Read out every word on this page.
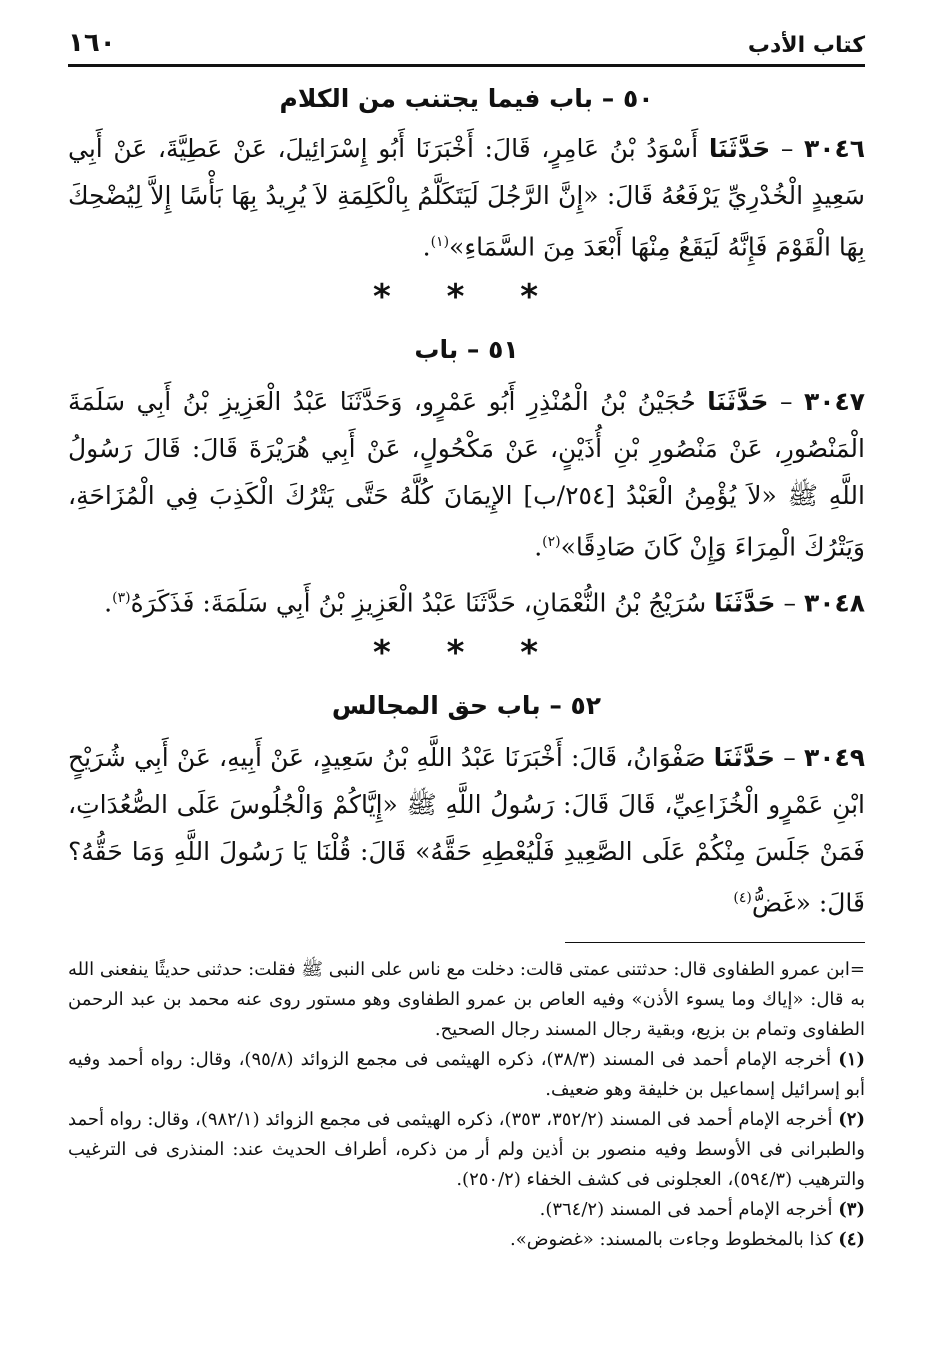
كتاب الأدب
١٦٠
٥٠ – باب فيما يجتنب من الكلام

٣٠٤٦ – حَدَّثَنَا أَسْوَدُ بْنُ عَامِرٍ، قَالَ: أَخْبَرَنَا أَبُو إِسْرَائِيلَ، عَنْ عَطِيَّةَ، عَنْ أَبِي سَعِيدٍ الْخُدْرِيِّ يَرْفَعُهُ قَالَ: «إِنَّ الرَّجُلَ لَيَتَكَلَّمُ بِالْكَلِمَةِ لاَ يُرِيدُ بِهَا بَأْسًا إِلاَّ لِيُضْحِكَ بِهَا الْقَوْمَ فَإِنَّهُ لَيَقَعُ مِنْهَا أَبْعَدَ مِنَ السَّمَاءِ»$^{(١)}$.

* * *
٥١ – باب

٣٠٤٧ – حَدَّثَنَا حُجَيْنُ بْنُ الْمُنْذِرِ أَبُو عَمْرٍو، وَحَدَّثَنَا عَبْدُ الْعَزِيزِ بْنُ أَبِي سَلَمَةَ الْمَنْصُورِ، عَنْ مَنْصُورِ بْنِ أُذَيْنٍ، عَنْ مَكْحُولٍ، عَنْ أَبِي هُرَيْرَةَ قَالَ: قَالَ رَسُولُ اللَّهِ ﷺ «لاَ يُؤْمِنُ الْعَبْدُ [٢٥٤/ب] الإِيمَانَ كُلَّهُ حَتَّى يَتْرُكَ الْكَذِبَ فِي الْمُزَاحَةِ، وَيَتْرُكَ الْمِرَاءَ وَإِنْ كَانَ صَادِقًا»$^{(٢)}$.

٣٠٤٨ – حَدَّثَنَا سُرَيْجُ بْنُ النُّعْمَانِ، حَدَّثَنَا عَبْدُ الْعَزِيزِ بْنُ أَبِي سَلَمَةَ: فَذَكَرَهُ$^{(٣)}$.

* * *
٥٢ – باب حق المجالس

٣٠٤٩ – حَدَّثَنَا صَفْوَانُ، قَالَ: أَخْبَرَنَا عَبْدُ اللَّهِ بْنُ سَعِيدٍ، عَنْ أَبِيهِ، عَنْ أَبِي شُرَيْحٍ ابْنِ عَمْرٍو الْخُزَاعِيِّ، قَالَ قَالَ: رَسُولُ اللَّهِ ﷺ «إِيَّاكُمْ وَالْجُلُوسَ عَلَى الصُّعُدَاتِ، فَمَنْ جَلَسَ مِنْكُمْ عَلَى الصَّعِيدِ فَلْيُعْطِهِ حَقَّهُ» قَالَ: قُلْنَا يَا رَسُولَ اللَّهِ وَمَا حَقُّهُ؟ قَالَ: «غَضُّ$^{(٤)}$

=ابن عمرو الطفاوى قال: حدثتنى عمتى قالت: دخلت مع ناس على النبى ﷺ فقلت: حدثنى حديثًا ينفعنى الله به قال: «إياك وما يسوء الأذن» وفيه العاص بن عمرو الطفاوى وهو مستور روى عنه محمد بن عبد الرحمن الطفاوى وتمام بن بزيع، وبقية رجال المسند رجال الصحيح.

(١) أخرجه الإمام أحمد فى المسند (٣٨/٣)، ذكره الهيثمى فى مجمع الزوائد (٩٥/٨)، وقال: رواه أحمد وفيه أبو إسرائيل إسماعيل بن خليفة وهو ضعيف.

(٢) أخرجه الإمام أحمد فى المسند (٣٥٢/٢، ٣٥٣)، ذكره الهيثمى فى مجمع الزوائد (٩٨٢/١)، وقال: رواه أحمد والطبرانى فى الأوسط وفيه منصور بن أذين ولم أر من ذكره، أطراف الحديث عند: المنذرى فى الترغيب والترهيب (٥٩٤/٣)، العجلونى فى كشف الخفاء (٢٥٠/٢).

(٣) أخرجه الإمام أحمد فى المسند (٣٦٤/٢).

(٤) كذا بالمخطوط وجاءت بالمسند: «غضوض».
